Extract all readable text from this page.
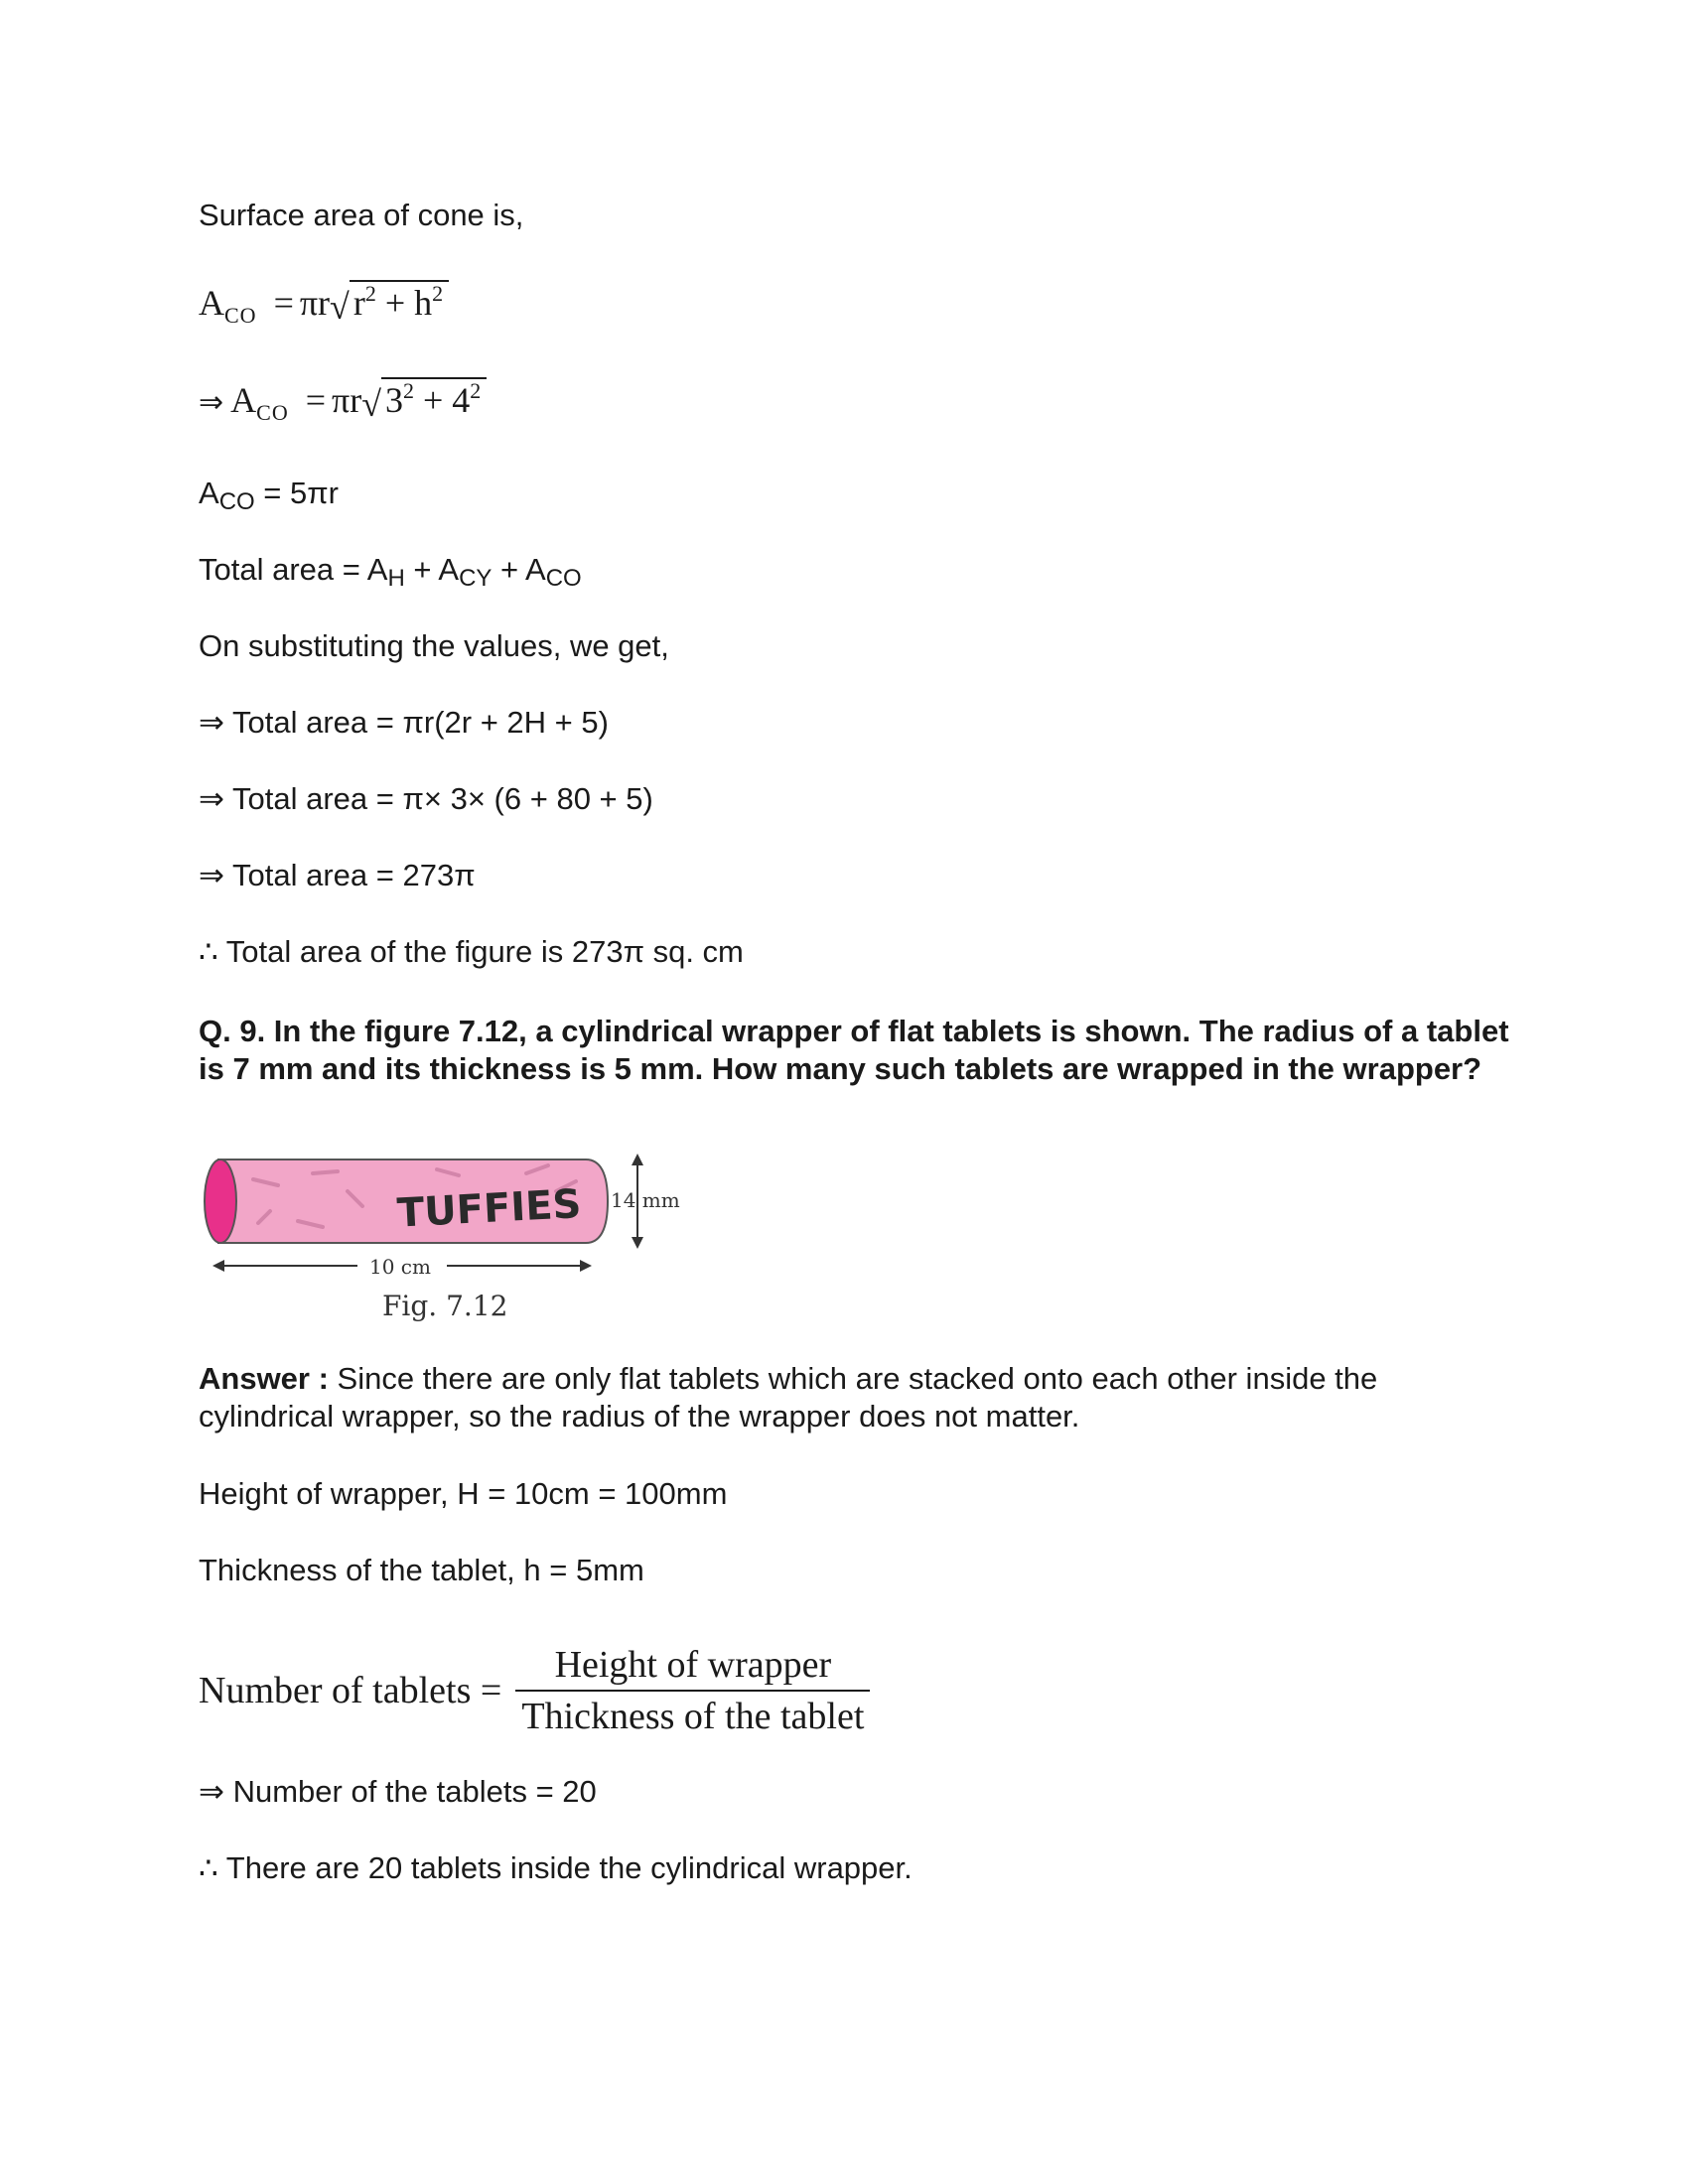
Surface area of cone is,
$A_{CO} = \pi r√$ $r^2 + h^2$
⇒ $A_{CO} = \pi r√$ $3^2 + 4^2$
ACO = 5πr
Total area = AH + ACY + ACO
On substituting the values, we get,
⇒ Total area = πr(2r + 2H + 5)
⇒ Total area = π× 3× (6 + 80 + 5)
⇒ Total area = 273π
∴ Total area of the figure is 273π sq. cm
Q. 9. In the figure 7.12, a cylindrical wrapper of flat tablets is shown. The radius of a tablet is 7 mm and its thickness is 5 mm. How many such tablets are wrapped in the wrapper?
TUFFIES 14 mm
10 cm
Fig. 7.12
Answer : Since there are only flat tablets which are stacked onto each other inside the cylindrical wrapper, so the radius of the wrapper does not matter.
Height of wrapper, H = 10cm = 100mm
Thickness of the tablet, h = 5mm
Number of tablets = $\frac{\text{Height of wrapper}}{\text{Thickness of the tablet}}$
⇒ Number of the tablets = 20
∴ There are 20 tablets inside the cylindrical wrapper.
